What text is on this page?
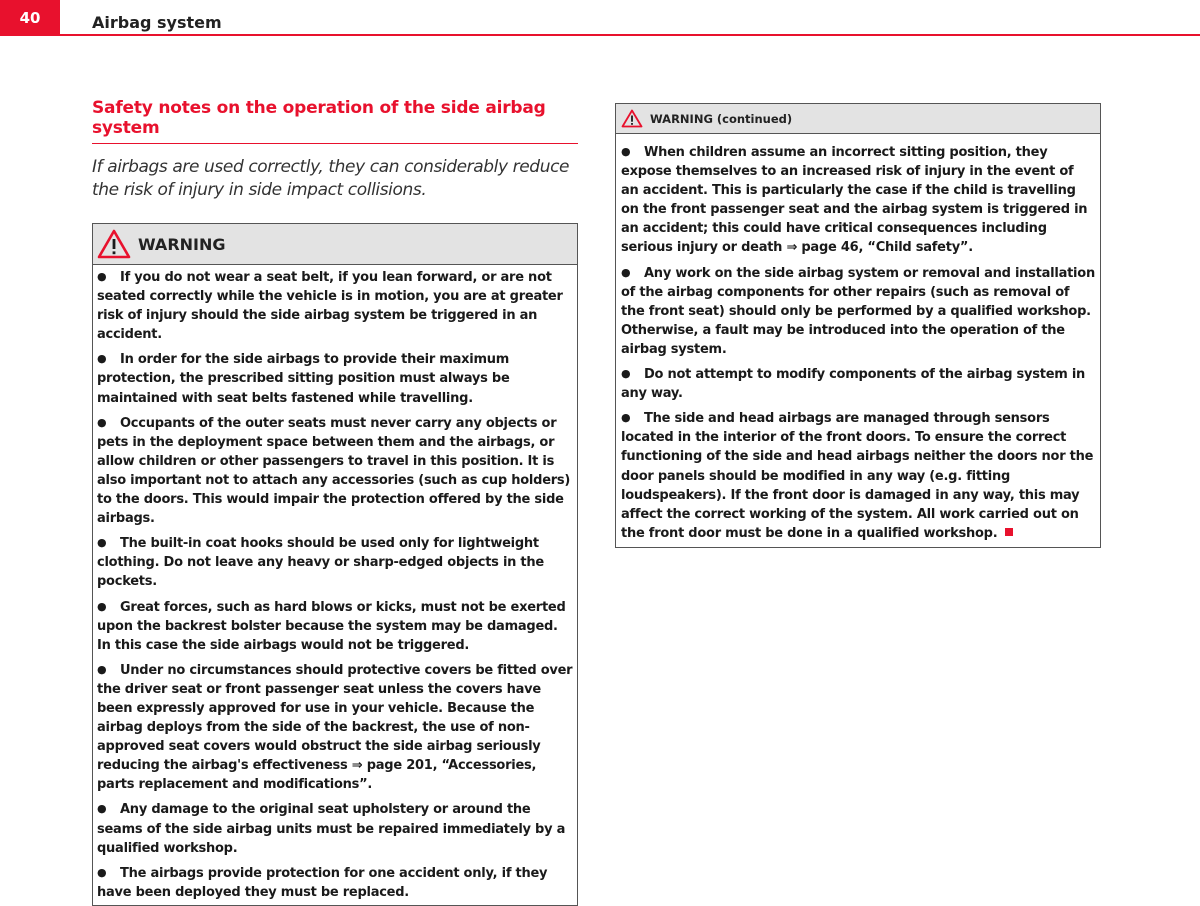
40	Airbag system
Safety notes on the operation of the side airbag system
If airbags are used correctly, they can considerably reduce the risk of injury in side impact collisions.
WARNING
● If you do not wear a seat belt, if you lean forward, or are not seated correctly while the vehicle is in motion, you are at greater risk of injury should the side airbag system be triggered in an accident.
● In order for the side airbags to provide their maximum protection, the prescribed sitting position must always be maintained with seat belts fastened while travelling.
● Occupants of the outer seats must never carry any objects or pets in the deployment space between them and the airbags, or allow children or other passengers to travel in this position. It is also important not to attach any accessories (such as cup holders) to the doors. This would impair the protection offered by the side airbags.
● The built-in coat hooks should be used only for lightweight clothing. Do not leave any heavy or sharp-edged objects in the pockets.
● Great forces, such as hard blows or kicks, must not be exerted upon the backrest bolster because the system may be damaged. In this case the side airbags would not be triggered.
● Under no circumstances should protective covers be fitted over the driver seat or front passenger seat unless the covers have been expressly approved for use in your vehicle. Because the airbag deploys from the side of the backrest, the use of non-approved seat covers would obstruct the side airbag seriously reducing the airbag's effectiveness ⇒ page 201, “Accessories, parts replacement and modifications”.
● Any damage to the original seat upholstery or around the seams of the side airbag units must be repaired immediately by a qualified workshop.
● The airbags provide protection for one accident only, if they have been deployed they must be replaced.
WARNING (continued)
● When children assume an incorrect sitting position, they expose themselves to an increased risk of injury in the event of an accident. This is particularly the case if the child is travelling on the front passenger seat and the airbag system is triggered in an accident; this could have critical consequences including serious injury or death ⇒ page 46, “Child safety”.
● Any work on the side airbag system or removal and installation of the airbag components for other repairs (such as removal of the front seat) should only be performed by a qualified workshop. Otherwise, a fault may be introduced into the operation of the airbag system.
● Do not attempt to modify components of the airbag system in any way.
● The side and head airbags are managed through sensors located in the interior of the front doors. To ensure the correct functioning of the side and head airbags neither the doors nor the door panels should be modified in any way (e.g. fitting loudspeakers). If the front door is damaged in any way, this may affect the correct working of the system. All work carried out on the front door must be done in a qualified workshop.
